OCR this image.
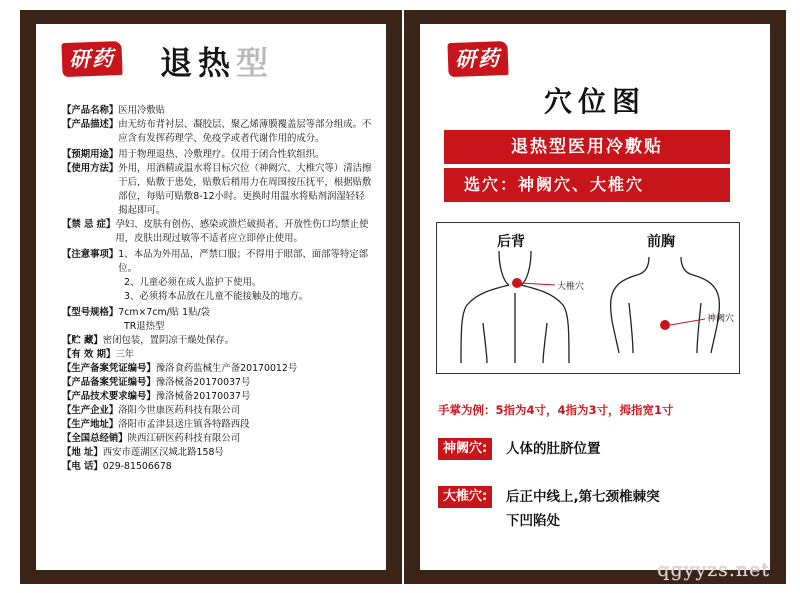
研药 退热型
【产品名称】 医用冷敷贴
【产品描述】 由无纺布背衬层、凝胶层、聚乙烯薄膜覆盖层等部分组成。不应含有发挥药理学、免疫学或者代谢作用的成分。
【预期用途】 用于物理退热、冷敷理疗。仅用于闭合性软组织。
【使用方法】 外用，用酒精或温水将目标穴位（神阙穴、大椎穴等）清洁擦干后，贴敷于患处，贴敷后稍用力在周围按压抚平，根据贴敷部位，每贴可贴敷8-12小时。更换时用温水将贴剂润湿轻轻揭起即可。
【禁 忌 症】 孕妇、皮肤有创伤、感染或溃烂破损者、开放性伤口均禁止使用，皮肤出现过敏等不适者应立即停止使用。
【注意事项】 1、本品为外用品，严禁口服；不得用于眼部、面部等特定部位。
2、儿童必须在成人监护下使用。
3、必须将本品放在儿童不能接触及的地方。
【型号规格】 7cm×7cm/贴 1贴/袋
TR退热型
【贮 藏】 密闭包装，置阴凉干燥处保存。
【有 效 期】 三年
【生产备案凭证编号】 豫洛食药监械生产备20170012号
【产品备案凭证编号】 豫洛械备20170037号
【产品技术要求编号】 豫洛械备20170037号
【生产企业】 洛阳今世康医药科技有限公司
【生产地址】 洛阳市孟津县送庄镇各特路西段
【全国总经销】 陕西江研医药科技有限公司
【地 址】 西安市莲湖区汉城北路158号
【电 话】 029-81506678
研药
穴位图
退热型医用冷敷贴
选穴：神阙穴、大椎穴
后背	前胸
大椎穴
神阙穴
手掌为例：5指为4寸，4指为3寸，拇指宽1寸
神阙穴:	人体的肚脐位置
大椎穴:	后正中线上,第七颈椎棘突
下凹陷处
qgyyzs.net
